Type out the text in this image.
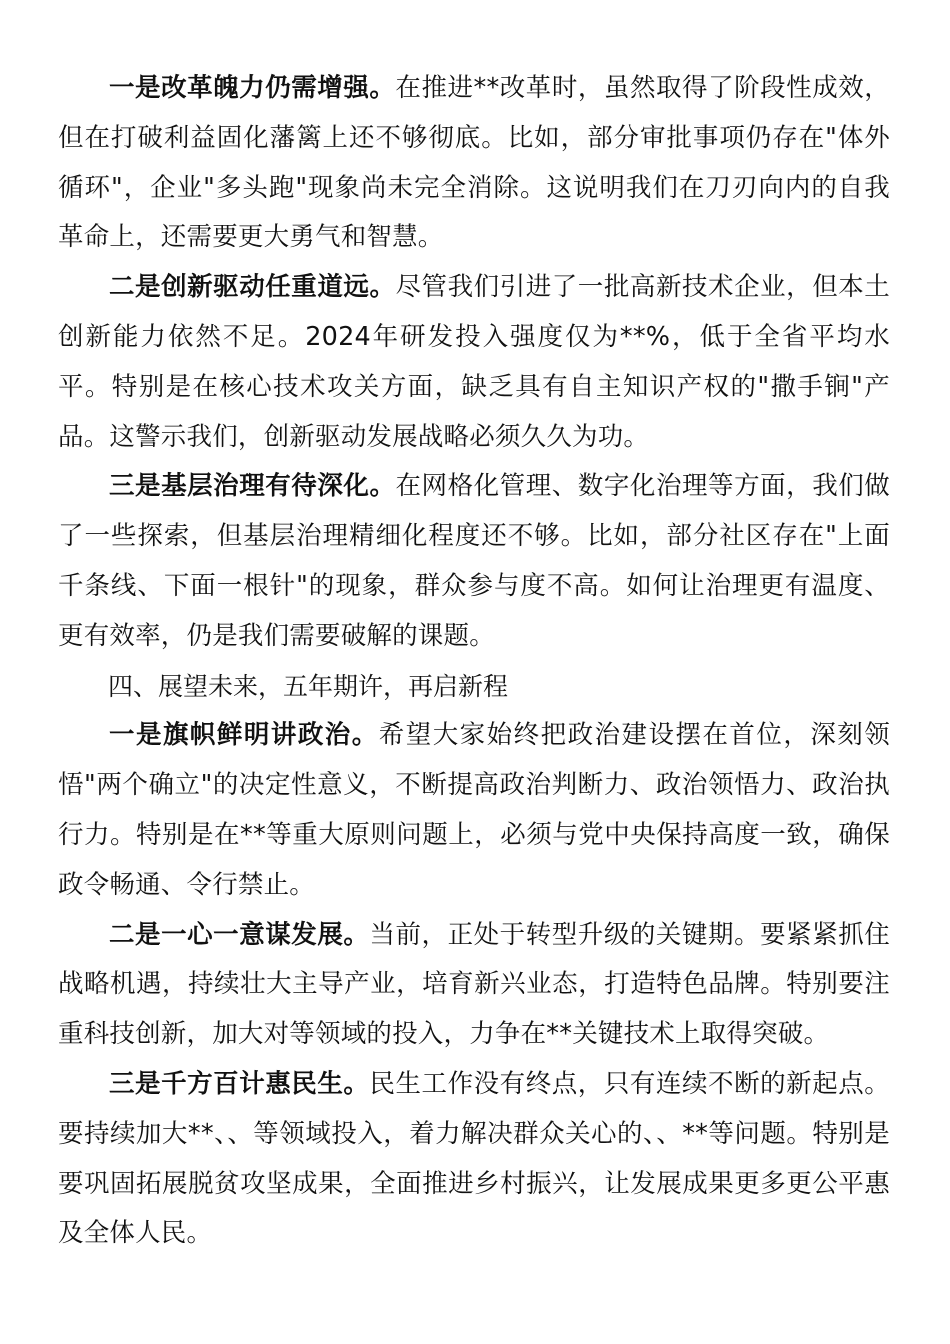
一是改革魄力仍需增强。在推进**改革时，虽然取得了阶段性成效，但在打破利益固化藩篱上还不够彻底。比如，部分审批事项仍存在"体外循环"，企业"多头跑"现象尚未完全消除。这说明我们在刀刃向内的自我革命上，还需要更大勇气和智慧。

二是创新驱动任重道远。尽管我们引进了一批高新技术企业，但本土创新能力依然不足。2024年研发投入强度仅为**%，低于全省平均水平。特别是在核心技术攻关方面，缺乏具有自主知识产权的"撒手锏"产品。这警示我们，创新驱动发展战略必须久久为功。

三是基层治理有待深化。在网格化管理、数字化治理等方面，我们做了一些探索，但基层治理精细化程度还不够。比如，部分社区存在"上面千条线、下面一根针"的现象，群众参与度不高。如何让治理更有温度、更有效率，仍是我们需要破解的课题。

四、展望未来，五年期许，再启新程

一是旗帜鲜明讲政治。希望大家始终把政治建设摆在首位，深刻领悟"两个确立"的决定性意义，不断提高政治判断力、政治领悟力、政治执行力。特别是在**等重大原则问题上，必须与党中央保持高度一致，确保政令畅通、令行禁止。

二是一心一意谋发展。当前，正处于转型升级的关键期。要紧紧抓住战略机遇，持续壮大主导产业，培育新兴业态，打造特色品牌。特别要注重科技创新，加大对等领域的投入，力争在**关键技术上取得突破。

三是千方百计惠民生。民生工作没有终点，只有连续不断的新起点。要持续加大**、、等领域投入，着力解决群众关心的、、**等问题。特别是要巩固拓展脱贫攻坚成果，全面推进乡村振兴，让发展成果更多更公平惠及全体人民。
